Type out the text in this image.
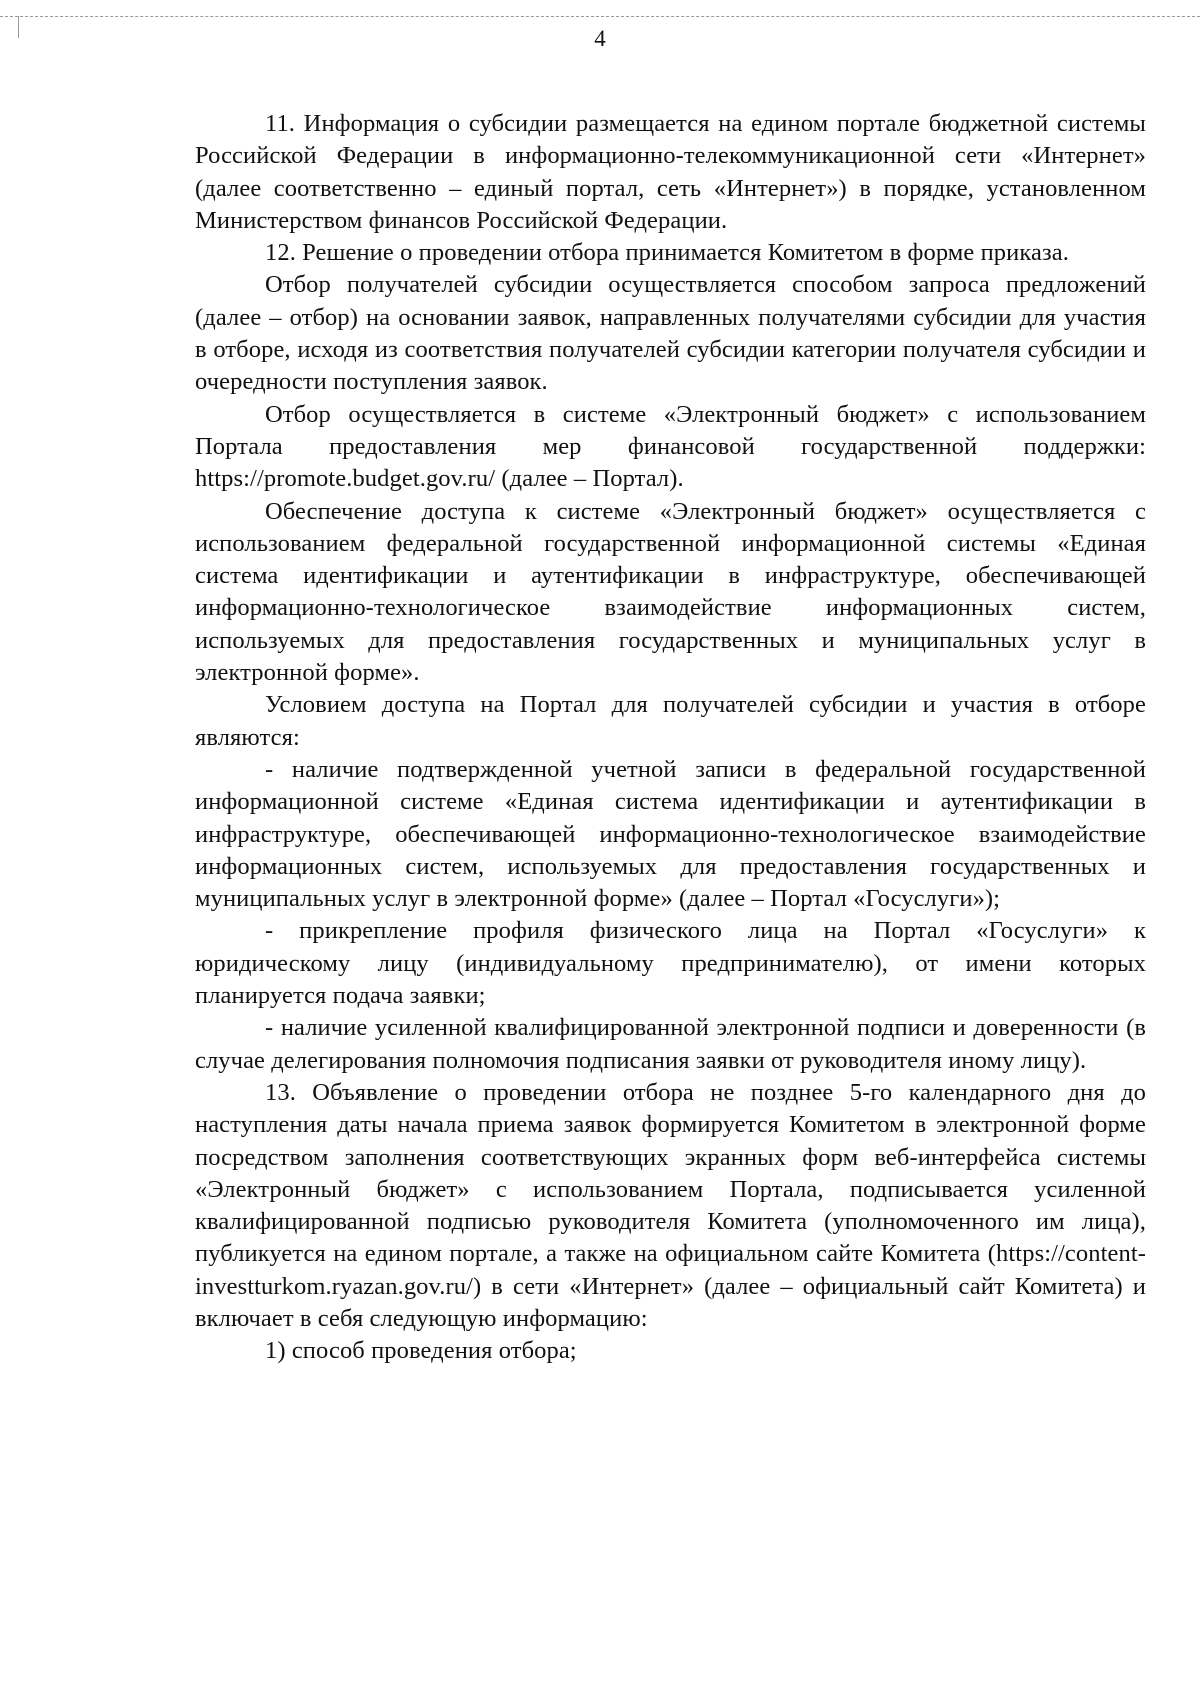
4

11. Информация о субсидии размещается на едином портале бюджетной системы Российской Федерации в информационно-телекоммуникационной сети «Интернет» (далее соответственно – единый портал, сеть «Интернет») в порядке, установленном Министерством финансов Российской Федерации.

12. Решение о проведении отбора принимается Комитетом в форме приказа.

Отбор получателей субсидии осуществляется способом запроса предложений (далее – отбор) на основании заявок, направленных получателями субсидии для участия в отборе, исходя из соответствия получателей субсидии категории получателя субсидии и очередности поступления заявок.

Отбор осуществляется в системе «Электронный бюджет» с использованием Портала предоставления мер финансовой государственной поддержки: https://promote.budget.gov.ru/ (далее – Портал).

Обеспечение доступа к системе «Электронный бюджет» осуществляется с использованием федеральной государственной информационной системы «Единая система идентификации и аутентификации в инфраструктуре, обеспечивающей информационно-технологическое взаимодействие информационных систем, используемых для предоставления государственных и муниципальных услуг в электронной форме».

Условием доступа на Портал для получателей субсидии и участия в отборе являются:

- наличие подтвержденной учетной записи в федеральной государственной информационной системе «Единая система идентификации и аутентификации в инфраструктуре, обеспечивающей информационно-технологическое взаимодействие информационных систем, используемых для предоставления государственных и муниципальных услуг в электронной форме» (далее – Портал «Госуслуги»);

- прикрепление профиля физического лица на Портал «Госуслуги» к юридическому лицу (индивидуальному предпринимателю), от имени которых планируется подача заявки;

- наличие усиленной квалифицированной электронной подписи и доверенности (в случае делегирования полномочия подписания заявки от руководителя иному лицу).

13. Объявление о проведении отбора не позднее 5-го календарного дня до наступления даты начала приема заявок формируется Комитетом в электронной форме посредством заполнения соответствующих экранных форм веб-интерфейса системы «Электронный бюджет» с использованием Портала, подписывается усиленной квалифицированной подписью руководителя Комитета (уполномоченного им лица), публикуется на едином портале, а также на официальном сайте Комитета (https://content-investturkom.ryazan.gov.ru/) в сети «Интернет» (далее – официальный сайт Комитета) и включает в себя следующую информацию:

1) способ проведения отбора;
